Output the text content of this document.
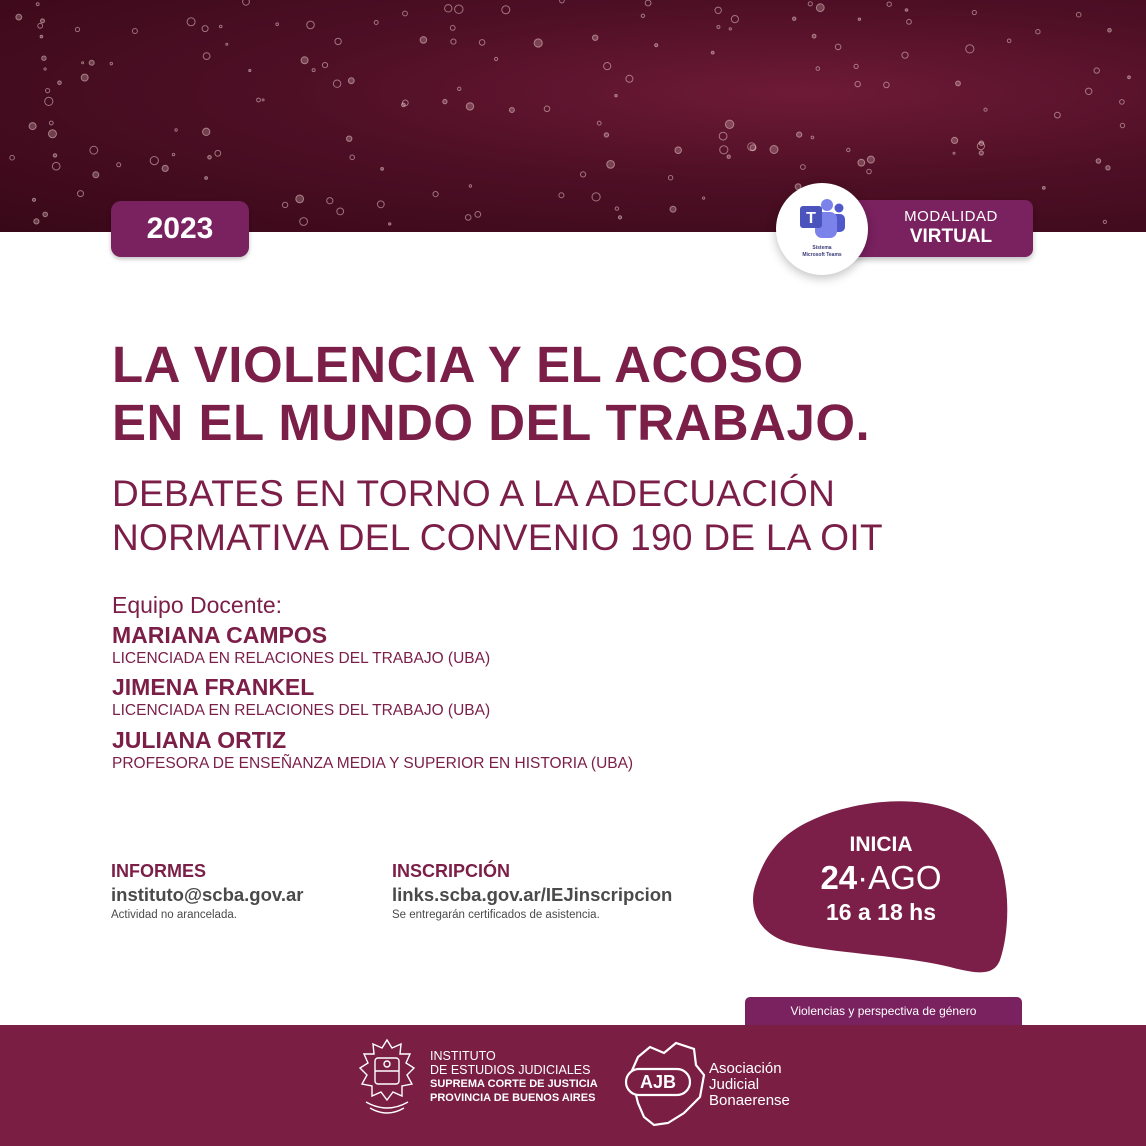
2023	MODALIDAD
VIRTUAL
T
Sistema
Microsoft Teams
LA VIOLENCIA Y EL ACOSO
EN EL MUNDO DEL TRABAJO.
DEBATES EN TORNO A LA ADECUACIÓN
NORMATIVA DEL CONVENIO 190 DE LA OIT
Equipo Docente:
MARIANA CAMPOS
LICENCIADA EN RELACIONES DEL TRABAJO (UBA)
JIMENA FRANKEL
LICENCIADA EN RELACIONES DEL TRABAJO (UBA)
JULIANA ORTIZ
PROFESORA DE ENSEÑANZA MEDIA Y SUPERIOR EN HISTORIA (UBA)
INFORMES
instituto@scba.gov.ar
Actividad no arancelada.
INSCRIPCIÓN
links.scba.gov.ar/IEJinscripcion
Se entregarán certificados de asistencia.
INICIA
24·AGO
16 a 18 hs
Violencias y perspectiva de género
INSTITUTO
DE ESTUDIOS JUDICIALES
SUPREMA CORTE DE JUSTICIA
PROVINCIA DE BUENOS AIRES
AJB
Asociación
Judicial
Bonaerense
